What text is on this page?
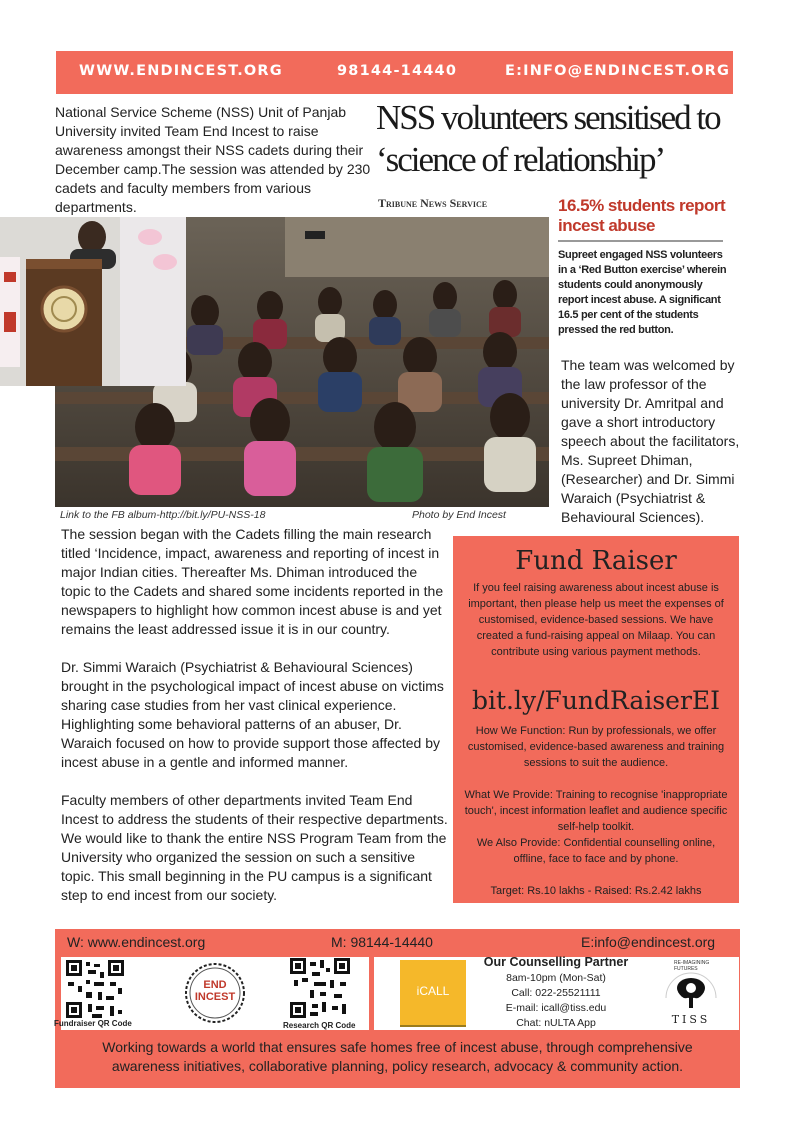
WWW.ENDINCEST.ORG	98144-14440	E:INFO@ENDINCEST.ORG
National Service Scheme (NSS) Unit of Panjab University invited Team End Incest to raise awareness amongst their NSS cadets during their December camp.The session was attended by 230 cadets and faculty members from various departments.
NSS volunteers sensitised to ‘science of relationship’
Tribune News Service	16.5% students report incest abuse
Supreet engaged NSS volunteers in a ‘Red Button exercise’ wherein students could anonymously report incest abuse. A significant 16.5 per cent of the students pressed the red button.
Link to the FB album-http://bit.ly/PU-NSS-18	Photo by End Incest
The team was welcomed by the law professor of the university Dr. Amritpal and gave a short introductory speech about the facilitators, Ms. Supreet Dhiman, (Researcher) and Dr. Simmi Waraich (Psychiatrist & Behavioural Sciences).

The session began with the Cadets filling the main research titled ‘Incidence, impact, awareness and reporting of incest in major Indian cities. Thereafter Ms. Dhiman introduced the topic to the Cadets and shared some incidents reported in the newspapers to highlight how common incest abuse is and yet remains the least addressed issue it is in our country.

Dr. Simmi Waraich (Psychiatrist & Behavioural Sciences) brought in the psychological impact of incest abuse on victims sharing case studies from her vast clinical experience. Highlighting some behavioral patterns of an abuser, Dr. Waraich focused on how to provide support those affected by incest abuse in a gentle and informed manner.

Faculty members of other departments invited Team End Incest to address the students of their respective departments. We would like to thank the entire NSS Program Team from the University who organized the session on such a sensitive topic. This small beginning in the PU campus is a significant step to end incest from our society.

Fund Raiser
If you feel raising awareness about incest abuse is important, then please help us meet the expenses of customised, evidence-based sessions. We have created a fund-raising appeal on Milaap. You can contribute using various payment methods.
bit.ly/FundRaiserEI
How We Function: Run by professionals, we offer customised, evidence-based awareness and training sessions to suit the audience.
What We Provide: Training to recognise 'inappropriate touch', incest information leaflet and audience specific self-help toolkit.
We Also Provide: Confidential counselling online, offline, face to face and by phone.
Target: Rs.10 lakhs - Raised: Rs.2.42 lakhs
W: www.endincest.org	M: 98144-14440	E:info@endincest.org
Fundraiser QR Code
END
INCEST
Research QR Code
iCALL
Our Counselling Partner
8am-10pm (Mon-Sat)
Call: 022-25521111
E-mail: icall@tiss.edu
Chat: nULTA App
RE-IMAGINING FUTURES
TISS
Working towards a world that ensures safe homes free of incest abuse, through comprehensive awareness initiatives, collaborative planning, policy research, advocacy & community action.
